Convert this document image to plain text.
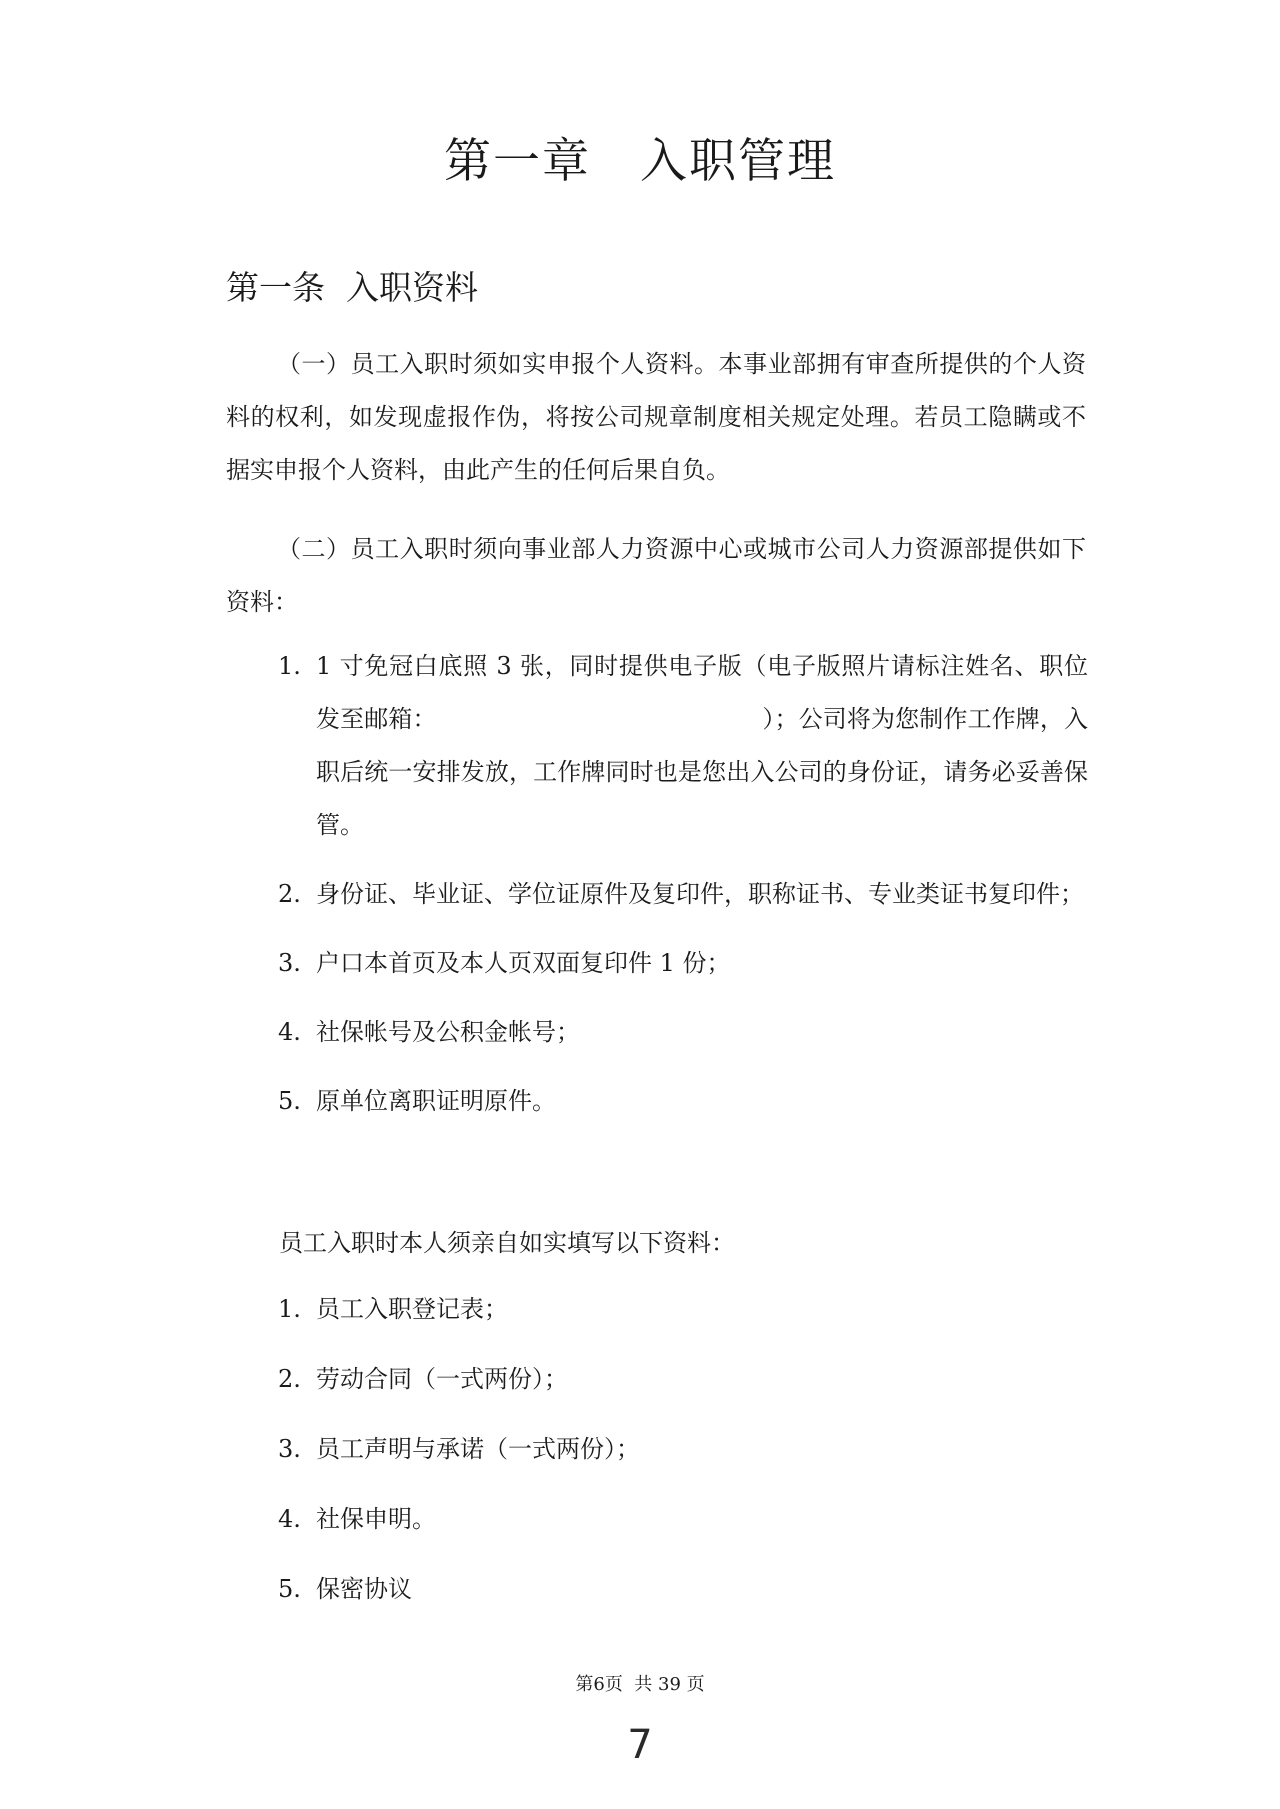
第一章　入职管理
第一条  入职资料
（一）员工入职时须如实申报个人资料。本事业部拥有审查所提供的个人资料的权利，如发现虚报作伪，将按公司规章制度相关规定处理。若员工隐瞒或不据实申报个人资料，由此产生的任何后果自负。
（二）员工入职时须向事业部人力资源中心或城市公司人力资源部提供如下资料：
1. 1 寸免冠白底照 3 张，同时提供电子版（电子版照片请标注姓名、职位发至邮箱：　　　　　　　　　　　　　　）；公司将为您制作工作牌，入职后统一安排发放，工作牌同时也是您出入公司的身份证，请务必妥善保管。
2. 身份证、毕业证、学位证原件及复印件，职称证书、专业类证书复印件；
3. 户口本首页及本人页双面复印件 1 份；
4. 社保帐号及公积金帐号；
5. 原单位离职证明原件。
员工入职时本人须亲自如实填写以下资料：
1. 员工入职登记表；
2. 劳动合同（一式两份）；
3. 员工声明与承诺（一式两份）；
4. 社保申明。
5. 保密协议
第6页  共 39 页
7
